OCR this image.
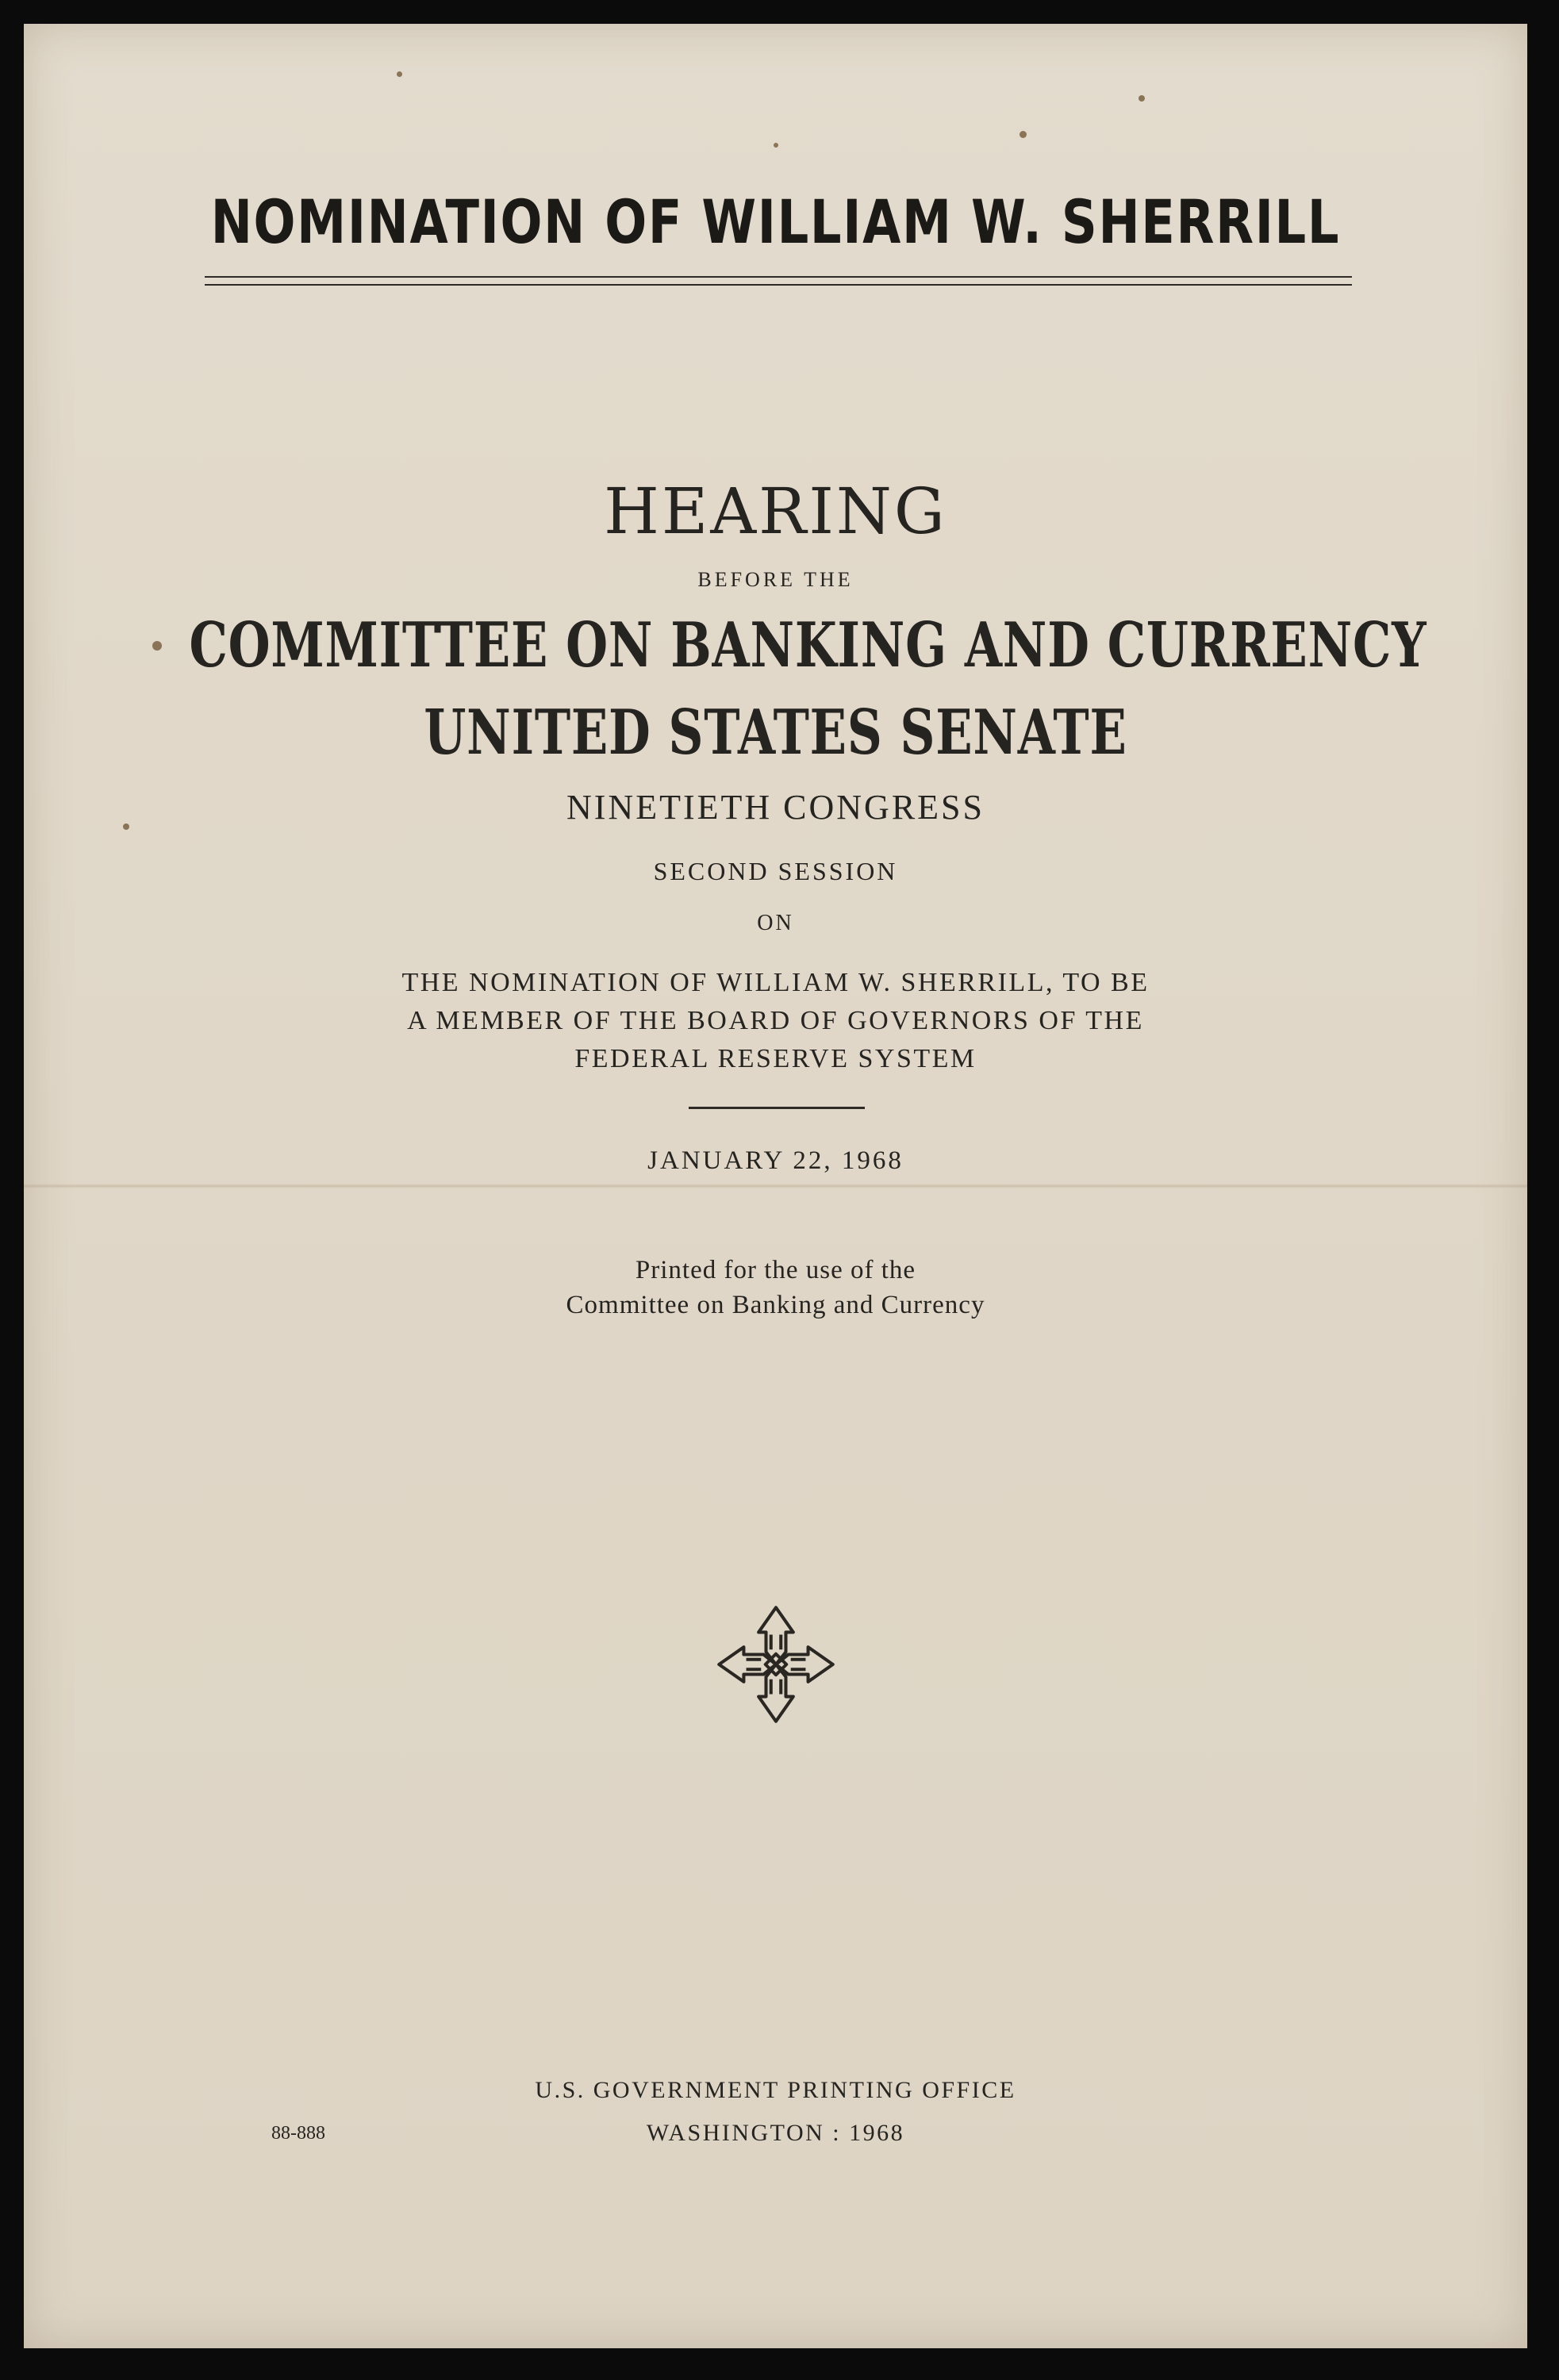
NOMINATION OF WILLIAM W. SHERRILL
HEARING
BEFORE THE
COMMITTEE ON BANKING AND CURRENCY
UNITED STATES SENATE
NINETIETH CONGRESS
SECOND SESSION
ON
THE NOMINATION OF WILLIAM W. SHERRILL, TO BE
A MEMBER OF THE BOARD OF GOVERNORS OF THE
FEDERAL RESERVE SYSTEM
JANUARY 22, 1968
Printed for the use of the
Committee on Banking and Currency
U.S. GOVERNMENT PRINTING OFFICE
WASHINGTON : 1968
88-888
